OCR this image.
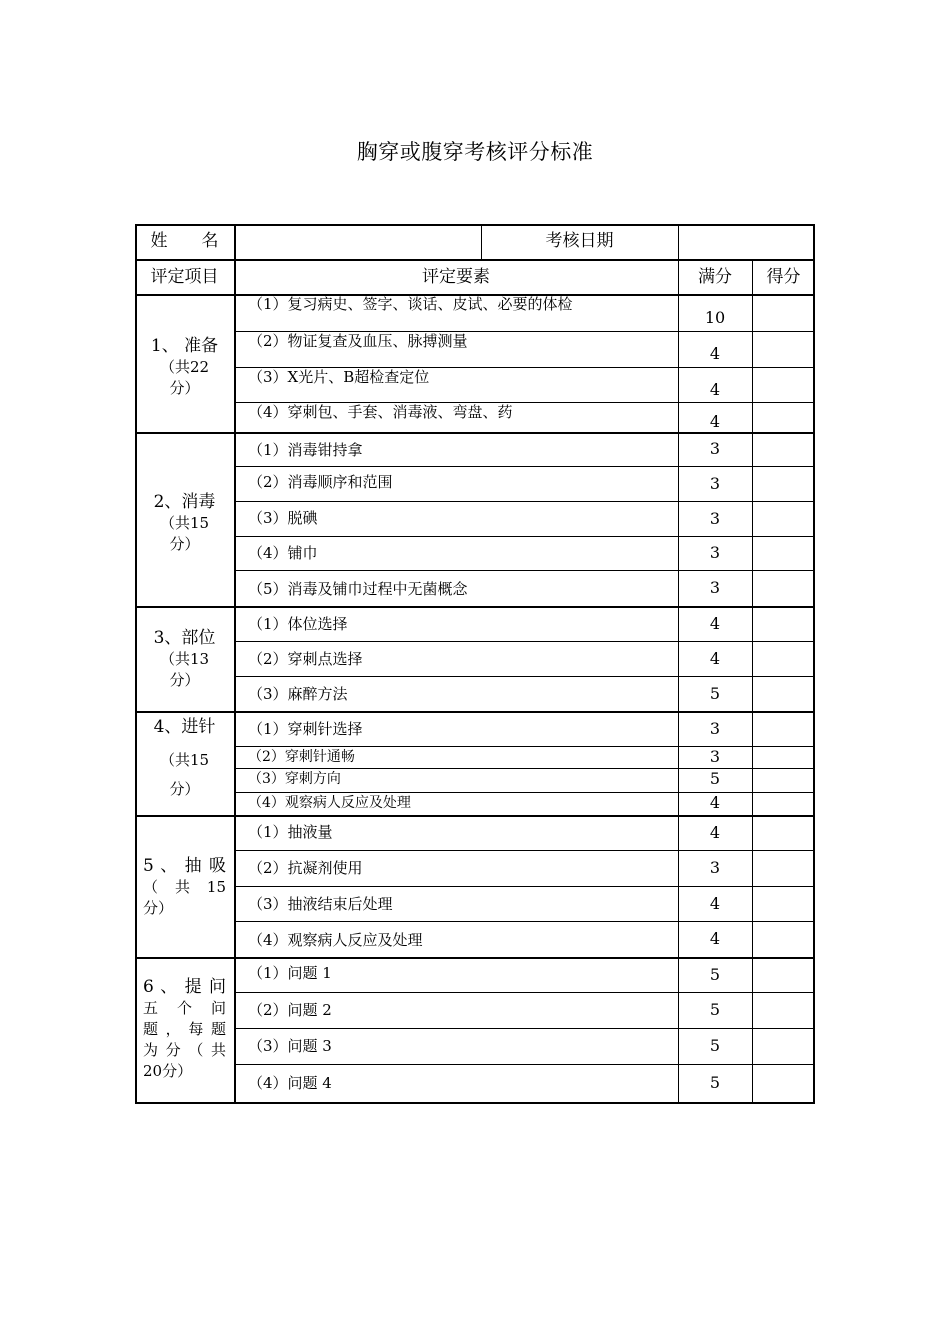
胸穿或腹穿考核评分标准
姓　　名	考核日期
评定项目	评定要素	满分	得分
1、 准备
（共22
分）
（1）复习病史、签字、谈话、皮试、必要的体检
10
（2）物证复查及血压、脉搏测量
4
（3）X光片、B超检查定位
4
（4）穿刺包、手套、消毒液、弯盘、药	4
2、消毒
（共15
分）
（1）消毒钳持拿	3
（2）消毒顺序和范围	3
（3）脱碘	3
（4）铺巾	3
（5）消毒及铺巾过程中无菌概念	3
3、部位
（共13
分）
（1）体位选择	4
（2）穿刺点选择	4
（3）麻醉方法	5
4、进针
（共15
分）
（1）穿刺针选择	3
（2）穿刺针通畅	3
（3）穿刺方向	5
（4）观察病人反应及处理	4
5 、 抽 吸
（ 共 15
分）
（1）抽液量	4
（2）抗凝剂使用	3
（3）抽液结束后处理	4
（4）观察病人反应及处理	4
6 、 提 问
五 个 问
题，每题
为分（共
20分）
（1）问题 1	5
（2）问题 2	5
（3）问题 3	5
（4）问题 4	5
